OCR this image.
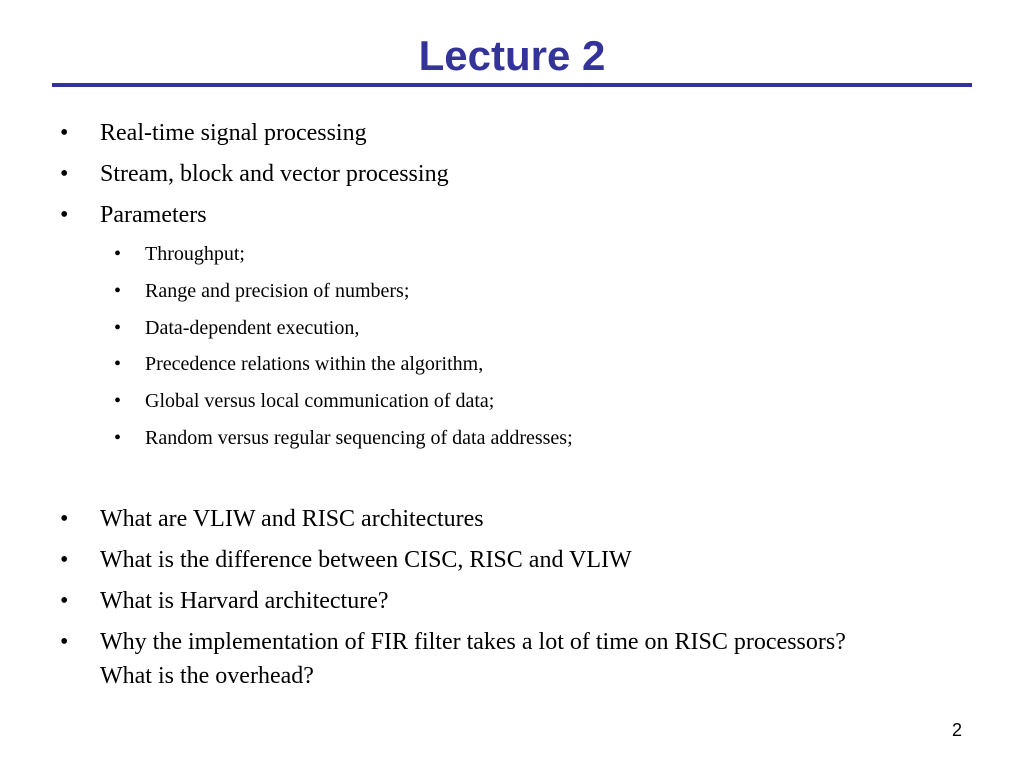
Lecture 2
• Real-time signal processing
• Stream, block and vector processing
• Parameters
• Throughput;
• Range and precision of numbers;
• Data-dependent execution,
• Precedence relations within the algorithm,
• Global versus local communication of data;
• Random versus regular sequencing of data addresses;
• What are VLIW and RISC architectures
• What is the difference between CISC, RISC and VLIW
• What is Harvard architecture?
• Why the implementation of FIR filter takes a lot of time on RISC processors? What is the overhead?
2
